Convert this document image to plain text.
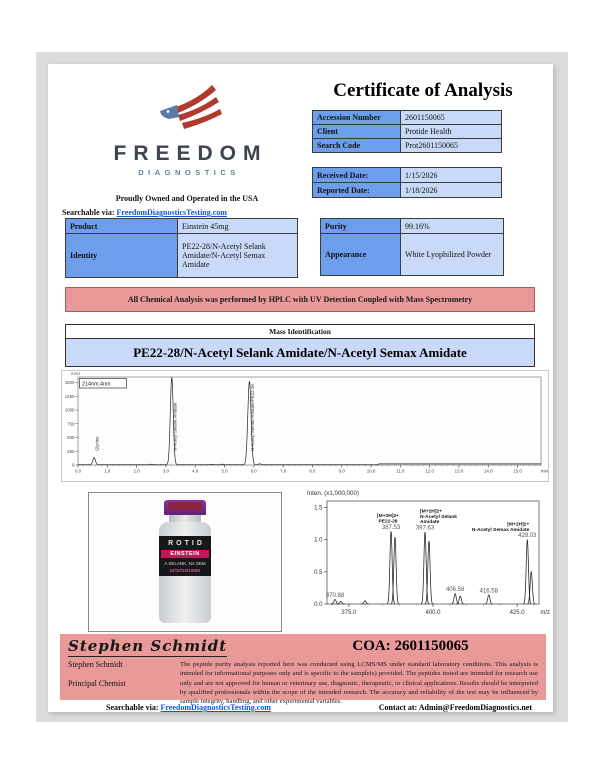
FREEDOM
DIAGNOSTICS
Proudly Owned and Operated in the USA
Searchable via: FreedomDiagnosticsTesting.com
Certificate of Analysis
Accession Number	2601150065
Client	Protide Health
Search Code	Prot2601150065
Received Date:	1/15/2026
Reported Date:	1/18/2026
Product	Einstein 45mg
Identity	PE22-28/N-Acetyl Selank Amidate/N-Acetyl Semax Amidate
Purity	99.16%
Appearance	White Lyophilized Powder
All Chemical Analysis was performed by HPLC with UV Detection Coupled with Mass Spectrometry
Mass Identification
PE22-28/N-Acetyl Selank Amidate/N-Acetyl Semax Amidate
mAU
0
250
500
750
1000
1250
1500
0.0	1.0	2.0	3.0	4.0	5.0	6.0	7.0	8.0	9.0	10.0	11.0	12.0	13.0	14.0	15.0	min
214nm,4nm
Glycine	N-Acetyl Selank Amidate	N-Acetyl Semax Amidate/PE22-28
ROTID
EINSTEIN
A SELANK, NA SEM
10/10/15/10MG
Inten. (x1,000,000)
0.0
0.5
1.0
1.5
375.0	400.0	425.0	m/z
370.88
387.53
[M+2H]2+
PE22-28
397.63
[M+2H]2+
N-Acetyl Selank
Amidate
406.58	416.58
428.03
[M+2H]2+
N-Acetyl Semax Amidate
Stephen Schmidt	COA: 2601150065
Stephen Schmidt
Principal Chemist
The peptide purity analysis reported here was conducted using LCMS/MS under standard laboratory conditions. This analysis is intended for informational purposes only and is specific to the sample(s) provided. The peptides tested are intended for research use only and are not approved for human or veterinary use, diagnostic, therapeutic, or clinical applications. Results should be interpreted by qualified professionals within the scope of the intended research. The accuracy and reliability of the test may be influenced by sample integrity, handling, and other experimental variables.
Searchable via: FreedomDiagnosticsTesting.com	Contact at: Admin@FreedomDiagnostics.net
